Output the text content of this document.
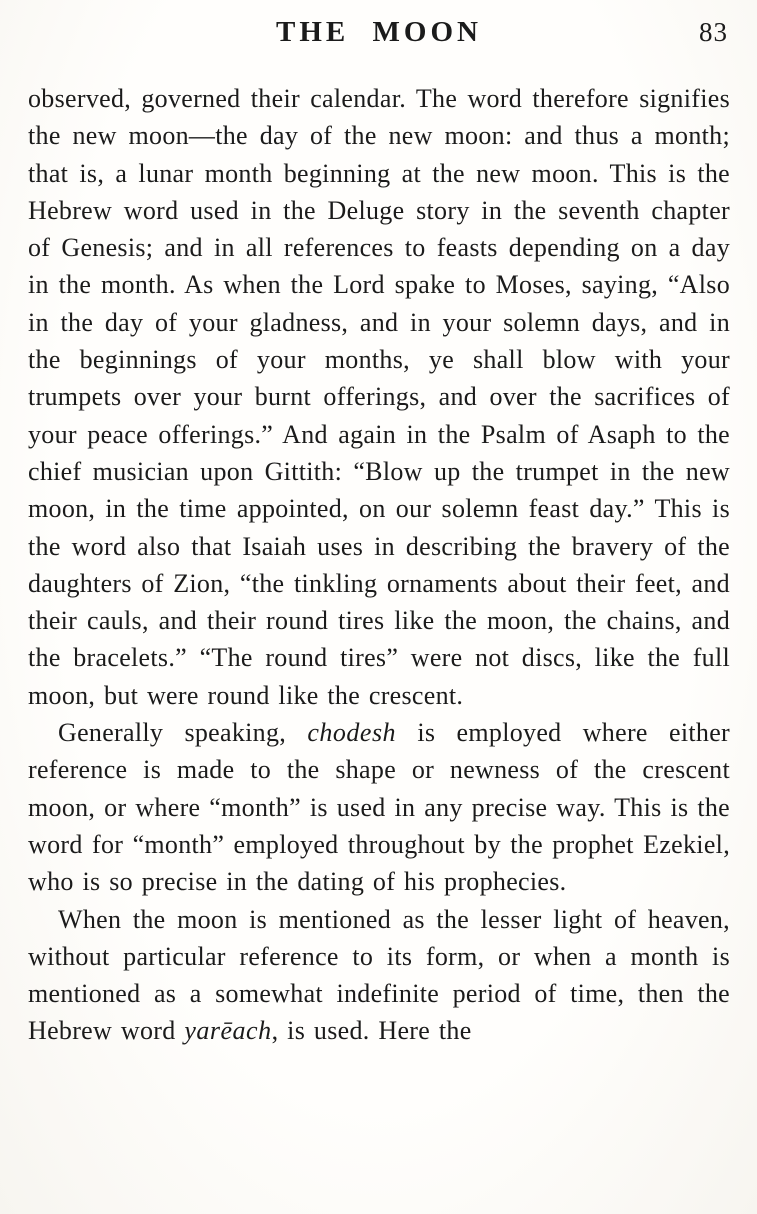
THE MOON	83

observed, governed their calendar. The word therefore signifies the new moon—the day of the new moon: and thus a month; that is, a lunar month beginning at the new moon. This is the Hebrew word used in the Deluge story in the seventh chapter of Genesis; and in all references to feasts depending on a day in the month. As when the Lord spake to Moses, saying, “Also in the day of your gladness, and in your solemn days, and in the beginnings of your months, ye shall blow with your trumpets over your burnt offerings, and over the sacrifices of your peace offerings.” And again in the Psalm of Asaph to the chief musician upon Gittith: “Blow up the trumpet in the new moon, in the time appointed, on our solemn feast day.” This is the word also that Isaiah uses in describing the bravery of the daughters of Zion, “the tinkling ornaments about their feet, and their cauls, and their round tires like the moon, the chains, and the bracelets.” “The round tires” were not discs, like the full moon, but were round like the crescent.

Generally speaking, chodesh is employed where either reference is made to the shape or newness of the crescent moon, or where “month” is used in any precise way. This is the word for “month” employed throughout by the prophet Ezekiel, who is so precise in the dating of his prophecies.

When the moon is mentioned as the lesser light of heaven, without particular reference to its form, or when a month is mentioned as a somewhat indefinite period of time, then the Hebrew word yarēach, is used. Here the
